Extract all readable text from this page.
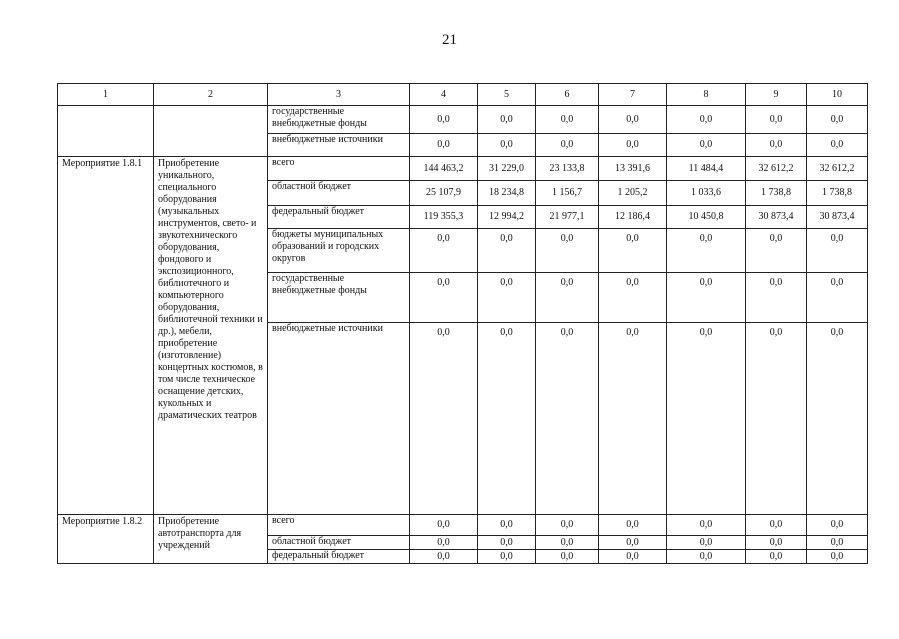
21
1	2	3	4	5	6	7	8	9	10
		государственные внебюджетные фонды	0,0	0,0	0,0	0,0	0,0	0,0	0,0
		внебюджетные источники	0,0	0,0	0,0	0,0	0,0	0,0	0,0
Мероприятие 1.8.1	Приобретение уникального, специального оборудования (музыкальных инструментов, свето- и звукотехнического оборудования, фондового и экспозиционного, библиотечного и компьютерного оборудования, библиотечной техники и др.), мебели, приобретение (изготовление) концертных костюмов, в том числе техническое оснащение детских, кукольных и драматических театров	всего	144 463,2	31 229,0	23 133,8	13 391,6	11 484,4	32 612,2	32 612,2
		областной бюджет	25 107,9	18 234,8	1 156,7	1 205,2	1 033,6	1 738,8	1 738,8
		федеральный бюджет	119 355,3	12 994,2	21 977,1	12 186,4	10 450,8	30 873,4	30 873,4
		бюджеты муниципальных образований и городских округов	0,0	0,0	0,0	0,0	0,0	0,0	0,0
		государственные внебюджетные фонды	0,0	0,0	0,0	0,0	0,0	0,0	0,0
		внебюджетные источники	0,0	0,0	0,0	0,0	0,0	0,0	0,0
Мероприятие 1.8.2	Приобретение автотранспорта для учреждений	всего	0,0	0,0	0,0	0,0	0,0	0,0	0,0
		областной бюджет	0,0	0,0	0,0	0,0	0,0	0,0	0,0
		федеральный бюджет	0,0	0,0	0,0	0,0	0,0	0,0	0,0
